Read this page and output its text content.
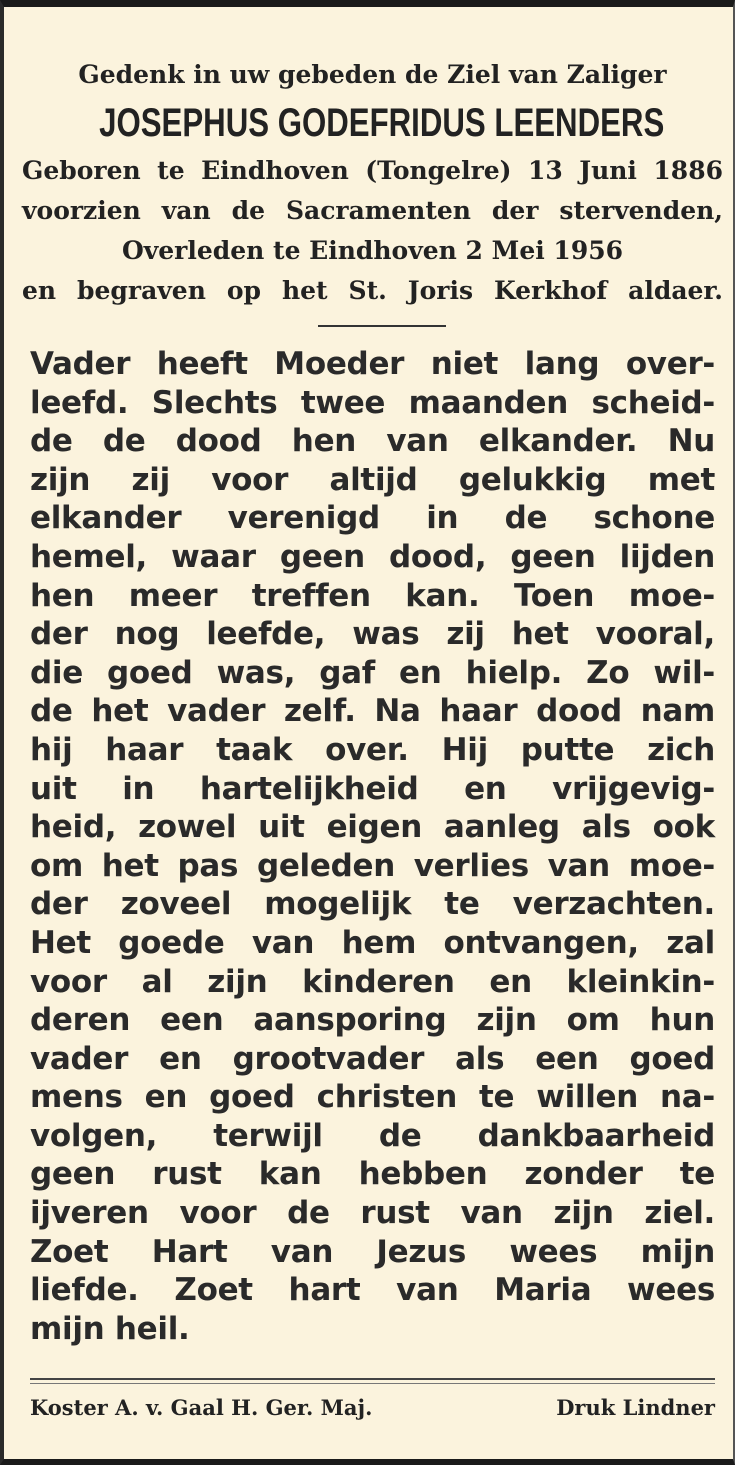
Gedenk in uw gebeden de Ziel van Zaliger
JOSEPHUS GODEFRIDUS LEENDERS
Geboren te Eindhoven (Tongelre) 13 Juni 1886
voorzien van de Sacramenten der stervenden,
Overleden te Eindhoven 2 Mei 1956
en begraven op het St. Joris Kerkhof aldaer.
Vader heeft Moeder niet lang over-
leefd. Slechts twee maanden scheid-
de de dood hen van elkander. Nu
zijn zij voor altijd gelukkig met
elkander verenigd in de schone
hemel, waar geen dood, geen lijden
hen meer treffen kan. Toen moe-
der nog leefde, was zij het vooral,
die goed was, gaf en hielp. Zo wil-
de het vader zelf. Na haar dood nam
hij haar taak over. Hij putte zich
uit in hartelijkheid en vrijgevig-
heid, zowel uit eigen aanleg als ook
om het pas geleden verlies van moe-
der zoveel mogelijk te verzachten.
Het goede van hem ontvangen, zal
voor al zijn kinderen en kleinkin-
deren een aansporing zijn om hun
vader en grootvader als een goed
mens en goed christen te willen na-
volgen, terwijl de dankbaarheid
geen rust kan hebben zonder te
ijveren voor de rust van zijn ziel.
Zoet Hart van Jezus wees mijn
liefde. Zoet hart van Maria wees
mijn heil.
Koster A. v. Gaal H. Ger. Maj.	Druk Lindner
